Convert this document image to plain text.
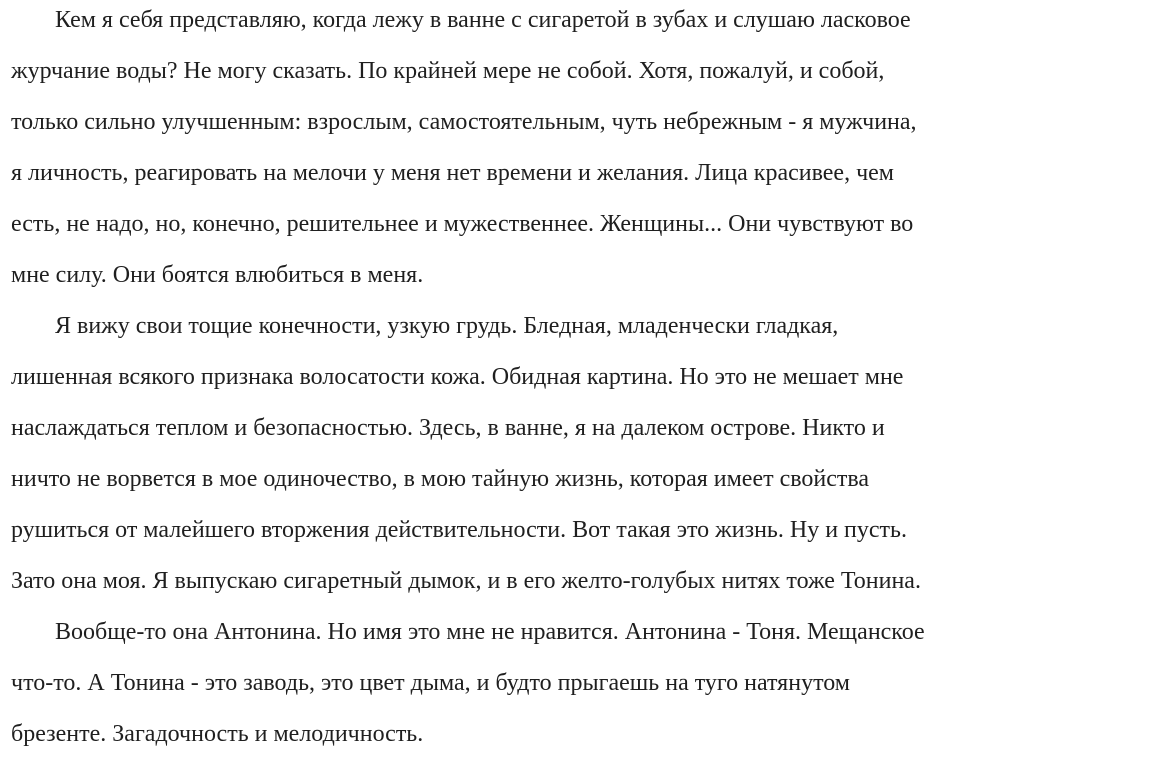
Кем я себя представляю, когда лежу в ванне с сигаретой в зубах и слушаю ласковое
журчание воды? Не могу сказать. По крайней мере не собой. Хотя, пожалуй, и собой,
только сильно улучшенным: взрослым, самостоятельным, чуть небрежным - я мужчина,
я личность, реагировать на мелочи у меня нет времени и желания. Лица красивее, чем
есть, не надо, но, конечно, решительнее и мужественнее. Женщины... Они чувствуют во
мне силу. Они боятся влюбиться в меня.
Я вижу свои тощие конечности, узкую грудь. Бледная, младенчески гладкая,
лишенная всякого признака волосатости кожа. Обидная картина. Но это не мешает мне
наслаждаться теплом и безопасностью. Здесь, в ванне, я на далеком острове. Никто и
ничто не ворвется в мое одиночество, в мою тайную жизнь, которая имеет свойства
рушиться от малейшего вторжения действительности. Вот такая это жизнь. Ну и пусть.
Зато она моя. Я выпускаю сигаретный дымок, и в его желто-голубых нитях тоже Тонина.
Вообще-то она Антонина. Но имя это мне не нравится. Антонина - Тоня. Мещанское
что-то. А Тонина - это заводь, это цвет дыма, и будто прыгаешь на туго натянутом
брезенте. Загадочность и мелодичность.
